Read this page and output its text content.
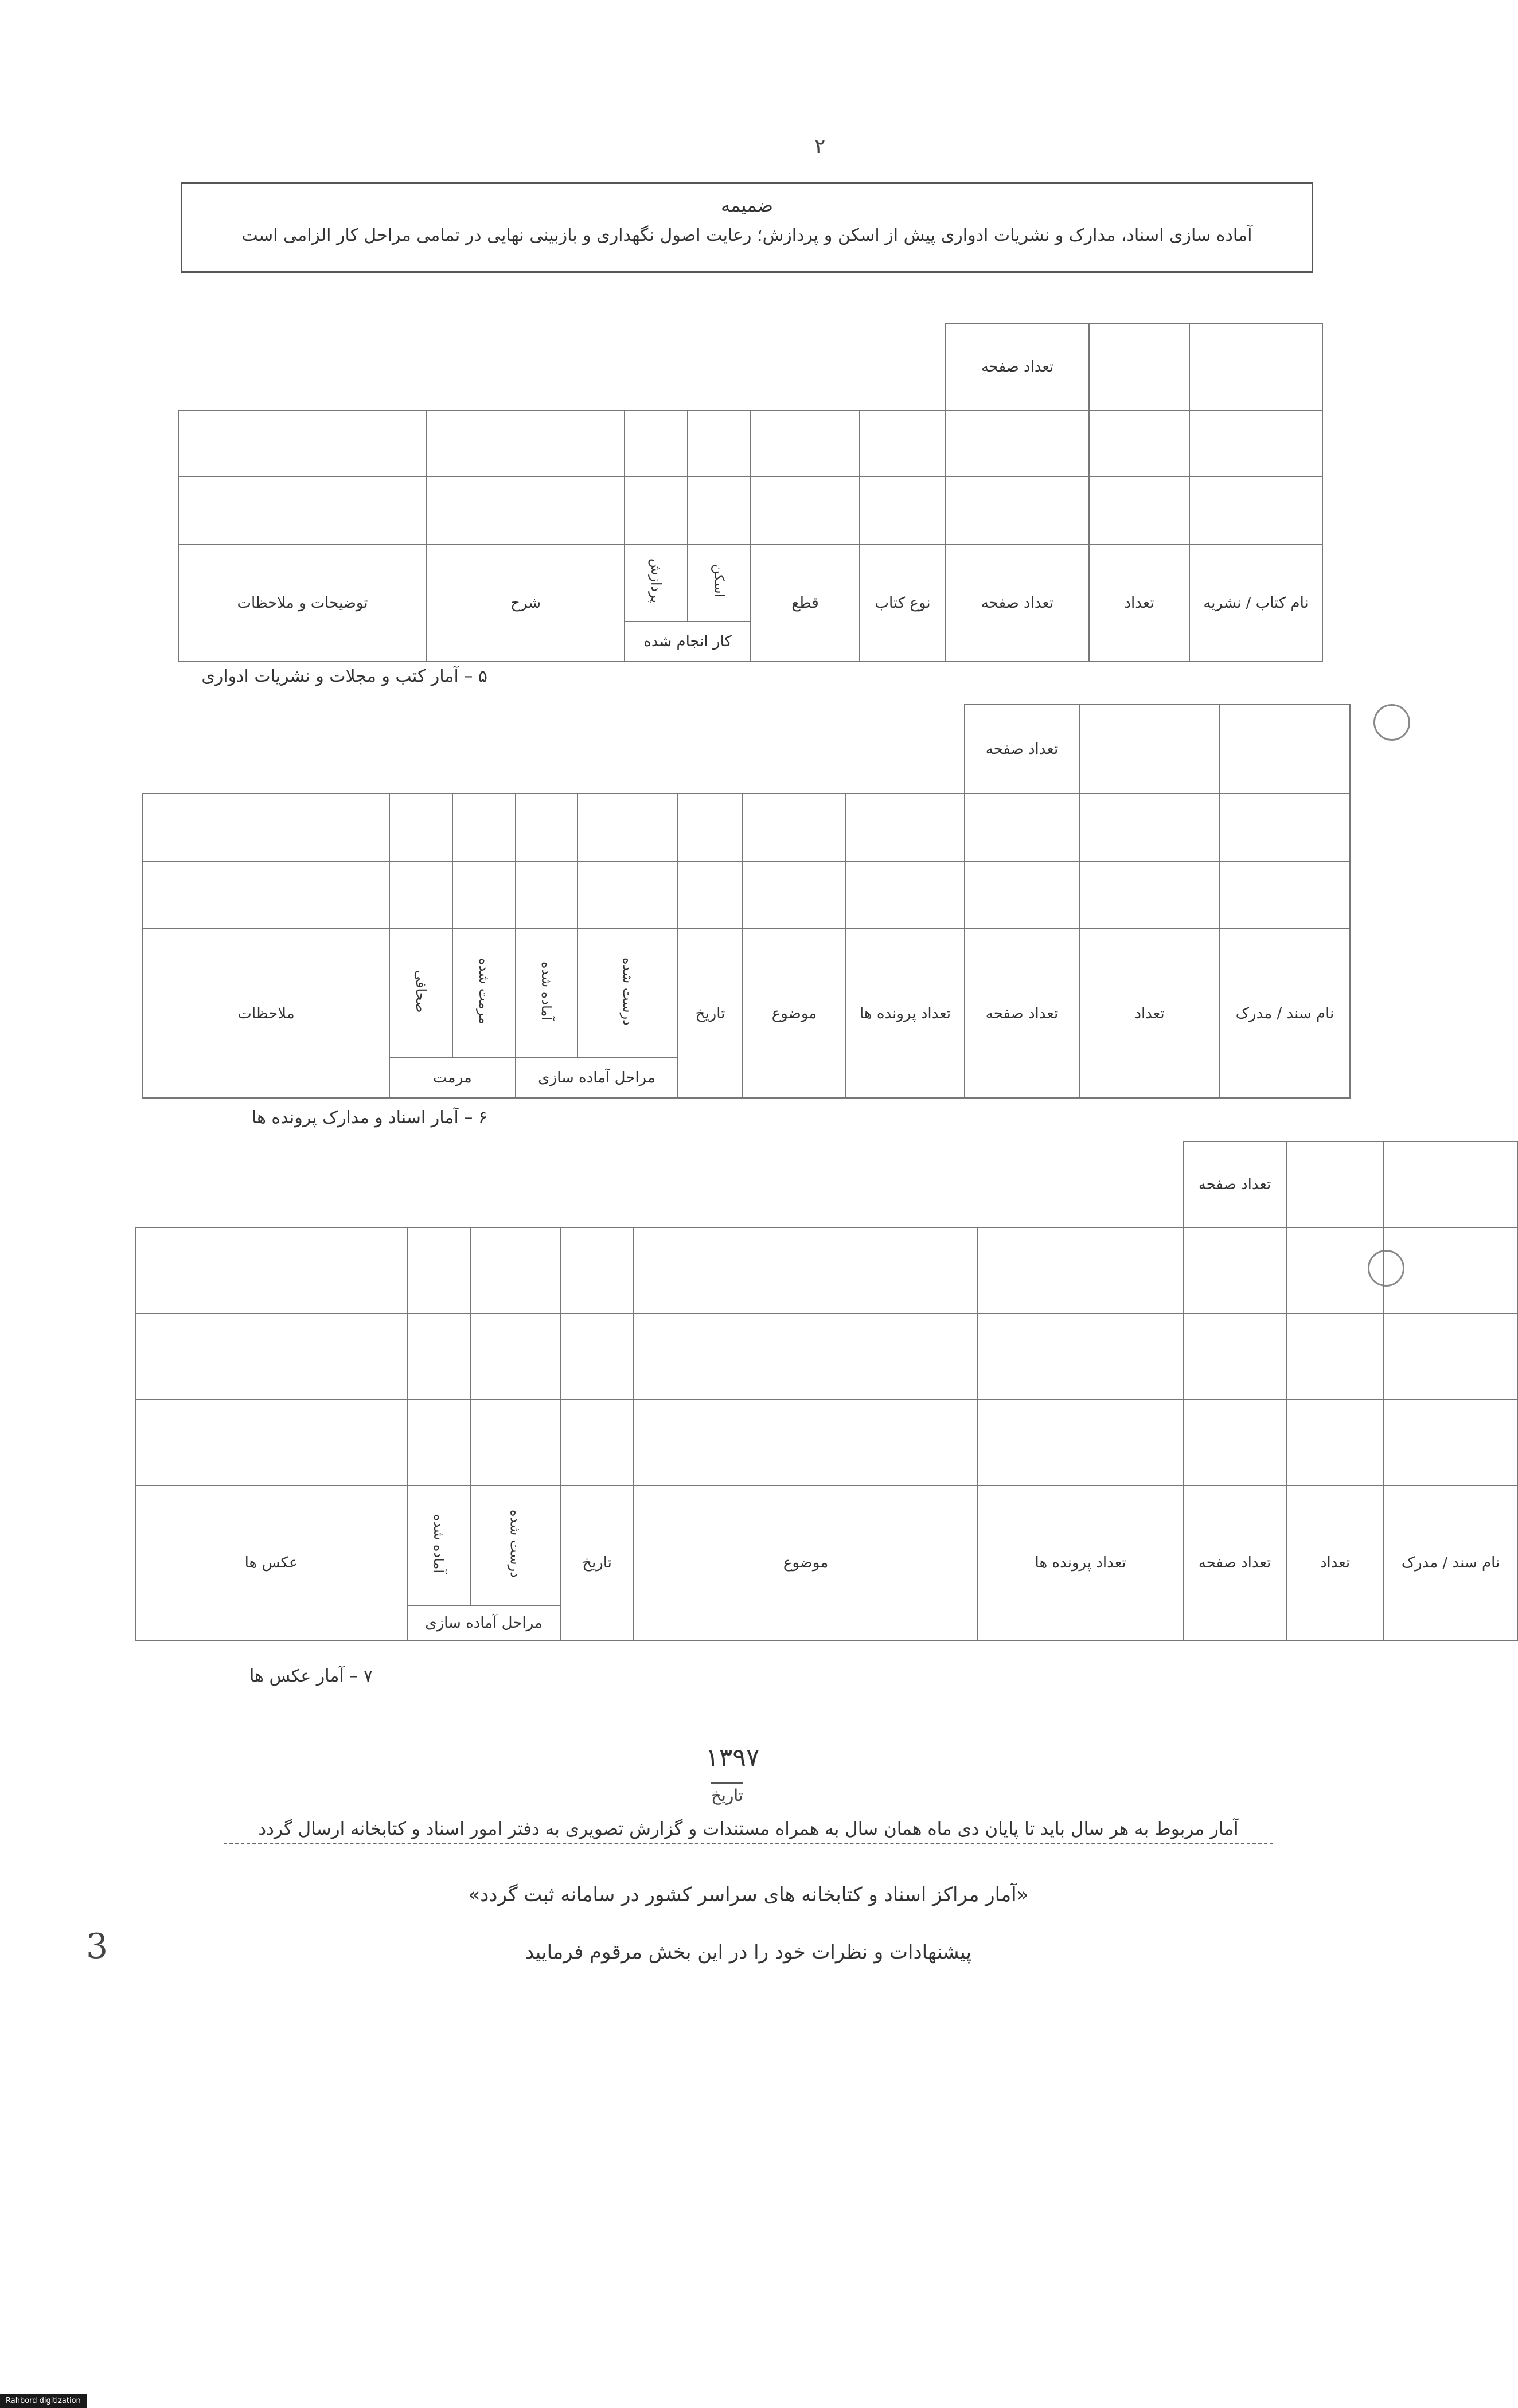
۲
ضمیمه
آماده سازی اسناد، مدارک و نشریات ادواری پیش از اسکن و پردازش؛ رعایت اصول نگهداری و بازبینی نهایی در تمامی مراحل کار الزامی است
		تعداد صفحه						

نام کتاب / نشریه	تعداد	تعداد صفحه	نوع کتاب	قطع	اسکن	پردازش	شرح	توضیحات و ملاحظات
					کار انجام شده			
۵ – آمار کتب و مجلات و نشریات ادواری
		تعداد صفحه								

نام سند / مدرک	تعداد	تعداد صفحه	تعداد پرونده ها	موضوع	تاریخ	درست شده	آماده شده	مرمت شده	صحافی	ملاحظات
						مراحل آماده سازی		مرمت		
۶ – آمار اسناد و مدارک پرونده ها
		تعداد صفحه						

نام سند / مدرک	تعداد	تعداد صفحه	تعداد پرونده ها	موضوع	تاریخ	درست شده	آماده شده	عکس ها
						مراحل آماده سازی		
۷ – آمار عکس ها
۱۳۹۷
تاریخ
آمار مربوط به هر سال باید تا پایان دی ماه همان سال به همراه مستندات و گزارش تصویری به دفتر امور اسناد و کتابخانه ارسال گردد
«آمار مراکز اسناد و کتابخانه های سراسر کشور در سامانه ثبت گردد»
پیشنهادات و نظرات خود را در این بخش مرقوم فرمایید
3
Rahbord digitization
